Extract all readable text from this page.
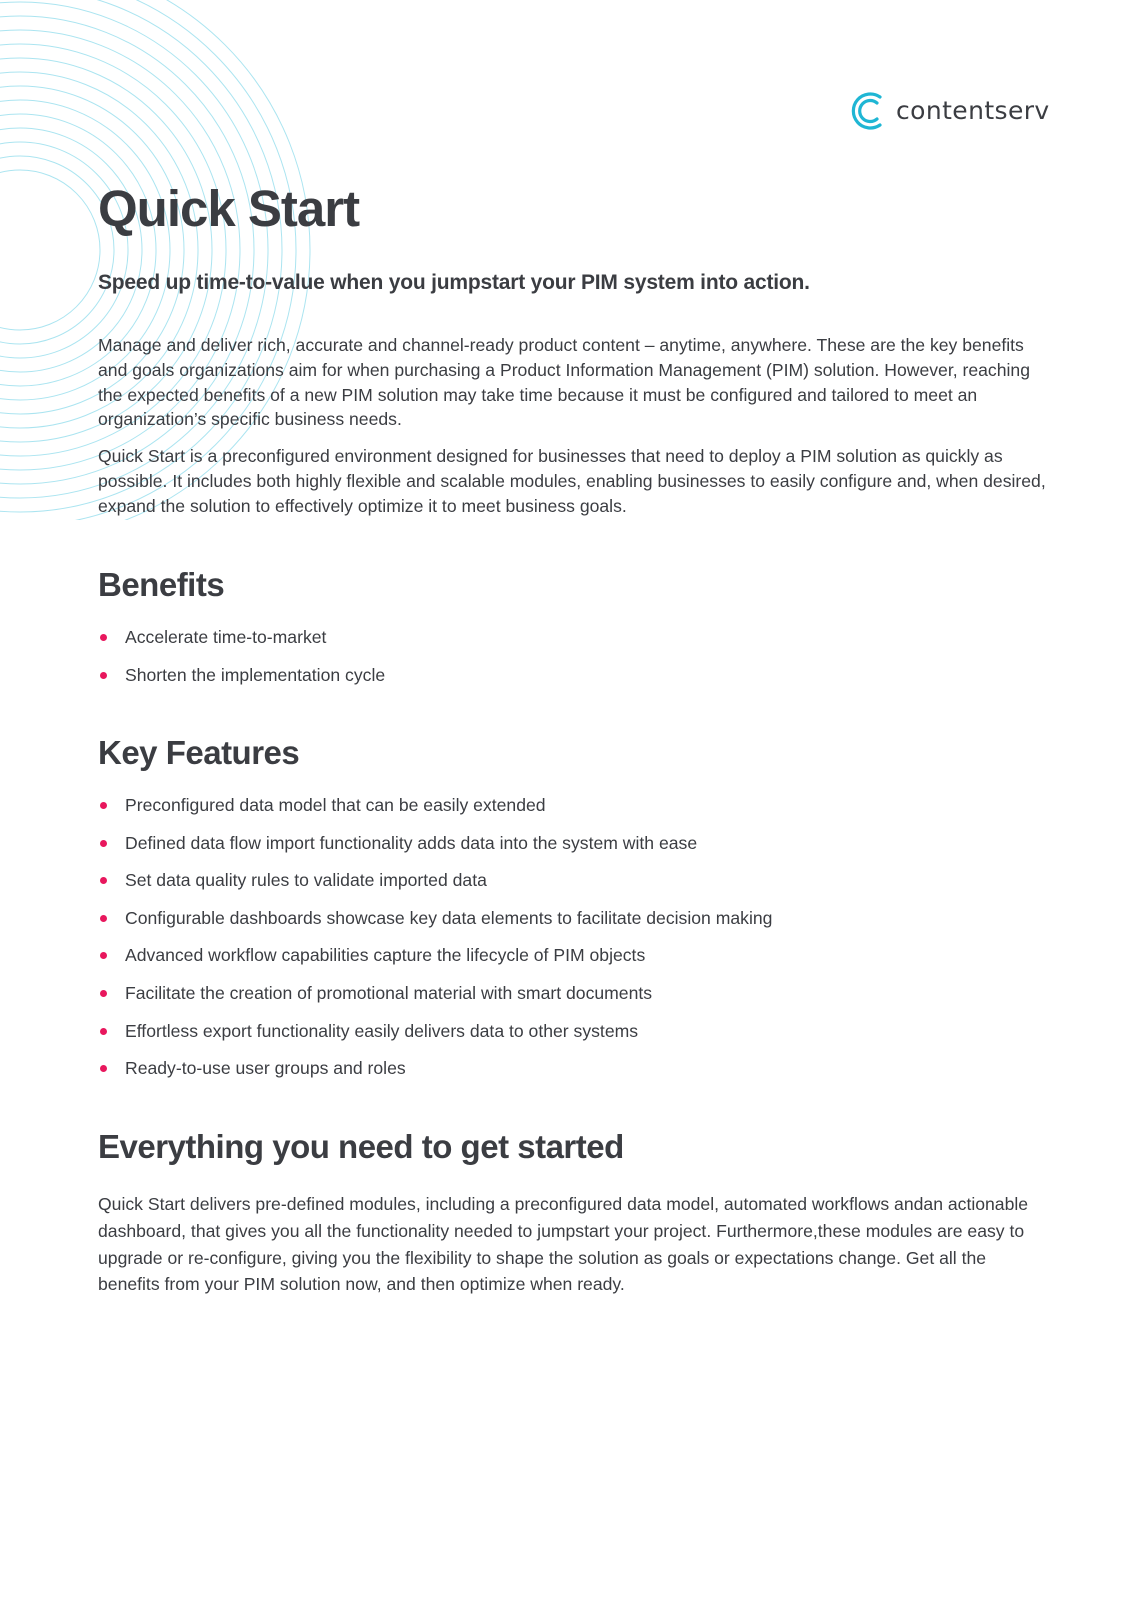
contentserv
Quick Start

Speed up time-to-value when you jumpstart your PIM system into action.

Manage and deliver rich, accurate and channel-ready product content – anytime, anywhere. These are the key benefits and goals organizations aim for when purchasing a Product Information Management (PIM) solution. However, reaching the expected benefits of a new PIM solution may take time because it must be configured and tailored to meet an organization’s specific business needs.

Quick Start is a preconfigured environment designed for businesses that need to deploy a PIM solution as quickly as possible. It includes both highly flexible and scalable modules, enabling businesses to easily configure and, when desired, expand the solution to effectively optimize it to meet business goals.

Benefits
Accelerate time-to-market
Shorten the implementation cycle
Key Features
Preconfigured data model that can be easily extended
Defined data flow import functionality adds data into the system with ease
Set data quality rules to validate imported data
Configurable dashboards showcase key data elements to facilitate decision making
Advanced workflow capabilities capture the lifecycle of PIM objects
Facilitate the creation of promotional material with smart documents
Effortless export functionality easily delivers data to other systems
Ready-to-use user groups and roles
Everything you need to get started

Quick Start delivers pre-defined modules, including a preconfigured data model, automated workflows andan actionable dashboard, that gives you all the functionality needed to jumpstart your project. Furthermore,these modules are easy to upgrade or re-configure, giving you the flexibility to shape the solution as goals or expectations change. Get all the benefits from your PIM solution now, and then optimize when ready.
